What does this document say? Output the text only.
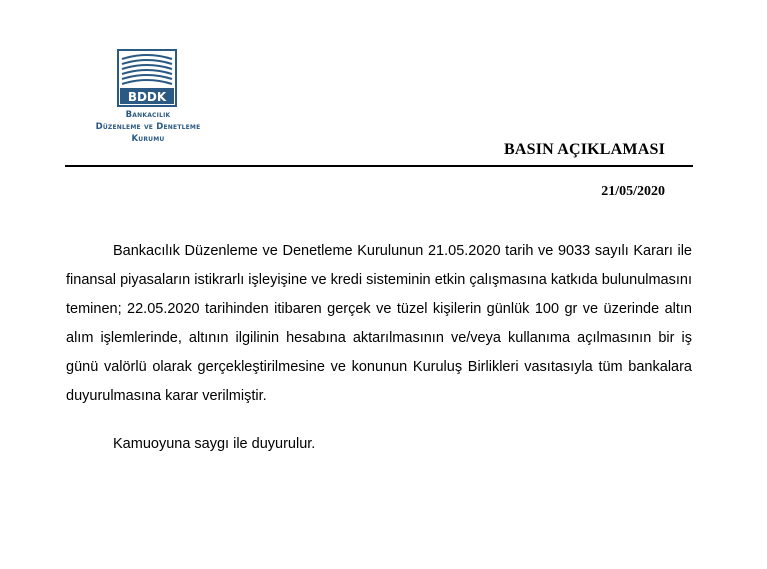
BDDK
Bankacılık
Düzenleme ve Denetleme
Kurumu
BASIN AÇIKLAMASI
21/05/2020

Bankacılık Düzenleme ve Denetleme Kurulunun 21.05.2020 tarih ve 9033 sayılı Kararı ile finansal piyasaların istikrarlı işleyişine ve kredi sisteminin etkin çalışmasına katkıda bulunulmasını teminen; 22.05.2020 tarihinden itibaren gerçek ve tüzel kişilerin günlük 100 gr ve üzerinde altın alım işlemlerinde, altının ilgilinin hesabına aktarılmasının ve/veya kullanıma açılmasının bir iş günü valörlü olarak gerçekleştirilmesine ve konunun Kuruluş Birlikleri vasıtasıyla tüm bankalara duyurulmasına karar verilmiştir.

Kamuoyuna saygı ile duyurulur.
